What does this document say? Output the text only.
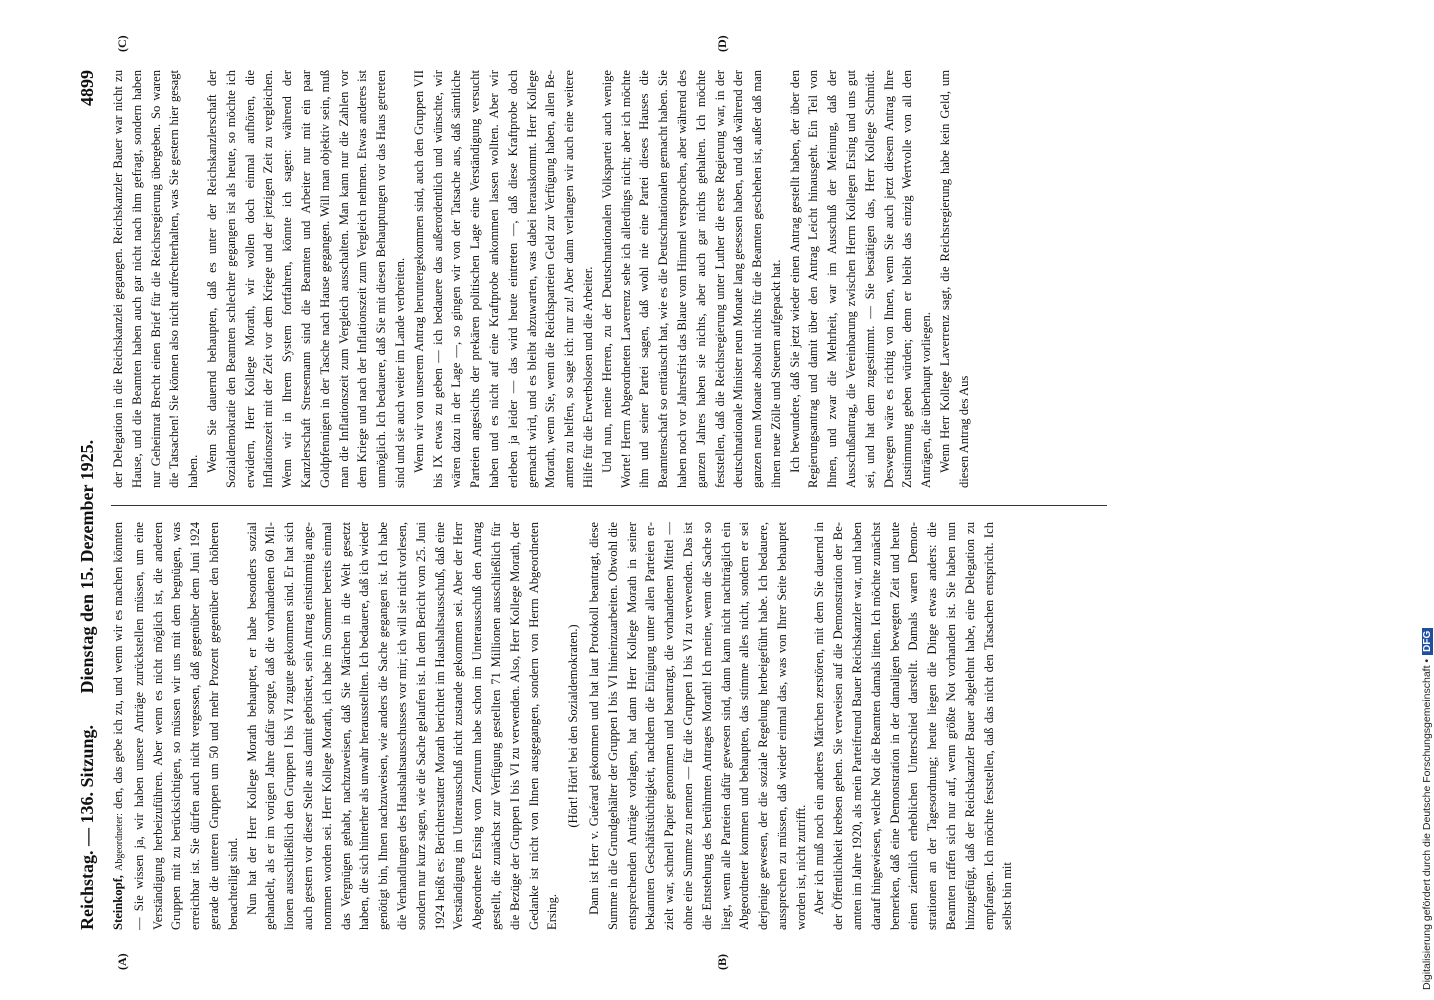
Reichstag. — 136. Sitzung.       Dienstag den 15. Dezember 1925.
4899

Steinkopf, Abgeordneter: den, das gebe ich zu, und wenn wir es machen könnten — Sie wissen ja, wir haben unsere Anträge zurückstellen müssen, um eine Verständigung herbeizuführen. Aber wenn es nicht möglich ist, die anderen Gruppen mit zu berücksichtigen, so müssen wir uns mit dem begnügen, was erreichbar ist. Sie dürfen auch nicht vergessen, daß gegenüber dem Juni 1924 gerade die unteren Gruppen um 50 und mehr Prozent gegenüber den höheren benachteiligt sind. Nun hat der Herr Kollege Morath behauptet, er habe besonders sozial gehandelt, als er im vorigen Jahre dafür sorgte, daß die vorhandenen 60 Millionen ausschließlich den Gruppen I bis VI zugute gekommen sind. Er hat sich auch gestern vor dieser Stelle aus damit gebrüstet, sein Antrag einstimmig angenommen worden sei. Herr Kollege Morath, ich habe im Sommer bereits einmal das Vergnügen gehabt, nachzuweisen, daß Sie Märchen in die Welt gesetzt haben, die sich hinterher als unwahr herausstellten. Ich bedauere, daß ich wieder genötigt bin, Ihnen nachzuweisen, wie anders die Sache gegangen ist. Ich habe die Verhandlungen des Haushaltsausschusses vor mir; ich will sie nicht vorlesen, sondern nur kurz sagen, wie die Sache gelaufen ist. In dem Bericht vom 25. Juni 1924 heißt es: Berichterstatter Morath berichtet im Haushaltsausschuß, daß eine Verständigung im Unterausschuß nicht zustande gekommen sei. Aber der Herr Abgeordnete Ersing vom Zentrum habe schon im Unterausschuß den Antrag gestellt, die zunächst zur Verfügung gestellten 71 Millionen ausschließlich für die Bezüge der Gruppen I bis VI zu verwenden. Also, Herr Kollege Morath, der Gedanke ist nicht von Ihnen ausgegangen, sondern von Herrn Abgeordneten Ersing.

(Hört! Hört! bei den Sozialdemokraten.) Dann ist Herr v. Guérard gekommen und hat laut Protokoll beantragt, diese Summe in die Grundgehälter der Gruppen I bis VI hineinzuarbeiten. Obwohl die entsprechenden Anträge vorlagen, hat dann Herr Kollege Morath in seiner bekannten Geschäftstüchtigkeit, nachdem die Einigung unter allen Parteien erzielt war, schnell Papier genommen und beantragt, die vorhandenen Mittel — ohne eine Summe zu nennen — für die Gruppen I bis VI zu verwenden. Das ist die Entstehung des berühmten Antrages Morath! Ich meine, wenn die Sache so liegt, wenn alle Parteien dafür gewesen sind, dann kann nicht nachträglich ein Abgeordneter kommen und behaupten, das stimme alles nicht, sondern er sei derjenige gewesen, der die soziale Regelung herbeigeführt habe. Ich bedauere, aussprechen zu müssen, daß wieder einmal das, was von Ihrer Seite behauptet worden ist, nicht zutrifft. Aber ich muß noch ein anderes Märchen zerstören, mit dem Sie dauernd in der Öffentlichkeit krebsen gehen. Sie verweisen auf die Demonstration der Beamten im Jahre 1920, als mein Parteifreund Bauer Reichskanzler war, und haben darauf hingewiesen, welche Not die Beamten damals litten. Ich möchte zunächst bemerken, daß eine Demonstration in der damaligen bewegten Zeit und heute einen ziemlich erheblichen Unterschied darstellt. Damals waren Demonstrationen an der Tagesordnung; heute liegen die Dinge etwas anders: die Beamten raffen sich nur auf, wenn größte Not vorhanden ist. Sie haben nun hinzugefügt, daß der Reichskanzler Bauer abgelehnt habe, eine Delegation zu empfangen. Ich möchte feststellen, daß das nicht den Tatsachen entspricht. Ich selbst bin mit

der Delegation in die Reichskanzlei gegangen. Reichskanzler Bauer war nicht zu Hause, und die Beamten haben auch gar nicht nach ihm gefragt, sondern haben nur Geheimrat Brecht einen Brief für die Reichsregierung übergeben. So waren die Tatsachen! Sie können also nicht aufrechterhalten, was Sie gestern hier gesagt haben. Wenn Sie dauernd behaupten, daß es unter der Reichskanzlerschaft der Sozialdemokratie den Beamten schlechter gegangen ist als heute, so möchte ich erwidern, Herr Kollege Morath, wir wollen doch einmal aufhören, die Inflationszeit mit der Zeit vor dem Kriege und der jetzigen Zeit zu vergleichen. Wenn wir in Ihrem System fortfahren, könnte ich sagen: während der Kanzlerschaft Stresemann sind die Beamten und Arbeiter nur mit ein paar Goldpfennigen in der Tasche nach Hause gegangen. Will man objektiv sein, muß man die Inflationszeit zum Vergleich ausschalten. Man kann nur die Zahlen vor dem Kriege und nach der Inflationszeit zum Vergleich nehmen. Etwas anderes ist unmöglich. Ich bedauere, daß Sie mit diesen Behauptungen vor das Haus getreten sind und sie auch weiter im Lande verbreiten. Wenn wir von unserem Antrag heruntergekommen sind, auch den Gruppen VII bis IX etwas zu geben — ich bedauere das außerordentlich und wünschte, wir wären dazu in der Lage —, so gingen wir von der Tatsache aus, daß sämtliche Parteien angesichts der prekären politischen Lage eine Verständigung versucht haben und es nicht auf eine Kraftprobe ankommen lassen wollten. Aber wir erleben ja leider — das wird heute eintreten —, daß diese Kraftprobe doch gemacht wird, und es bleibt abzuwarten, was dabei herauskommt. Herr Kollege Morath, wenn Sie, wenn die Reichsparteien Geld zur Verfügung haben, allen Beamten zu helfen, so sage ich: nur zu! Aber dann verlangen wir auch eine weitere Hilfe für die Erwerbslosen und die Arbeiter. Und nun, meine Herren, zu der Deutschnationalen Volkspartei auch wenige Worte! Herrn Abgeordneten Laverrenz sehe ich allerdings nicht; aber ich möchte ihm und seiner Partei sagen, daß wohl nie eine Partei dieses Hauses die Beamtenschaft so enttäuscht hat, wie es die Deutschnationalen gemacht haben. Sie haben noch vor Jahresfrist das Blaue vom Himmel versprochen, aber während des ganzen Jahres haben sie nichts, aber auch gar nichts gehalten. Ich möchte feststellen, daß die Reichsregierung unter Luther die erste Regierung war, in der deutschnationale Minister neun Monate lang gesessen haben, und daß während der ganzen neun Monate absolut nichts für die Beamten geschehen ist, außer daß man ihnen neue Zölle und Steuern aufgepackt hat. Ich bewundere, daß Sie jetzt wieder einen Antrag gestellt haben, der über den Regierungsantrag und damit über den Antrag Leicht hinausgeht. Ein Teil von Ihnen, und zwar die Mehrheit, war im Ausschuß der Meinung, daß der Ausschußantrag, die Vereinbarung zwischen Herrn Kollegen Ersing und uns gut sei, und hat dem zugestimmt. — Sie bestätigen das, Herr Kollege Schmidt. Deswegen wäre es richtig von Ihnen, wenn Sie auch jetzt diesem Antrag Ihre Zustimmung geben würden; denn er bleibt das einzig Wertvolle von all den Anträgen, die überhaupt vorliegen. Wenn Herr Kollege Laverrenz sagt, die Reichsregierung habe kein Geld, um diesen Antrag des Aus

(A)	(B)
(C)	(D)
Digitalisierung gefördert durch die Deutsche Forschungsgemeinschaft •DFG
